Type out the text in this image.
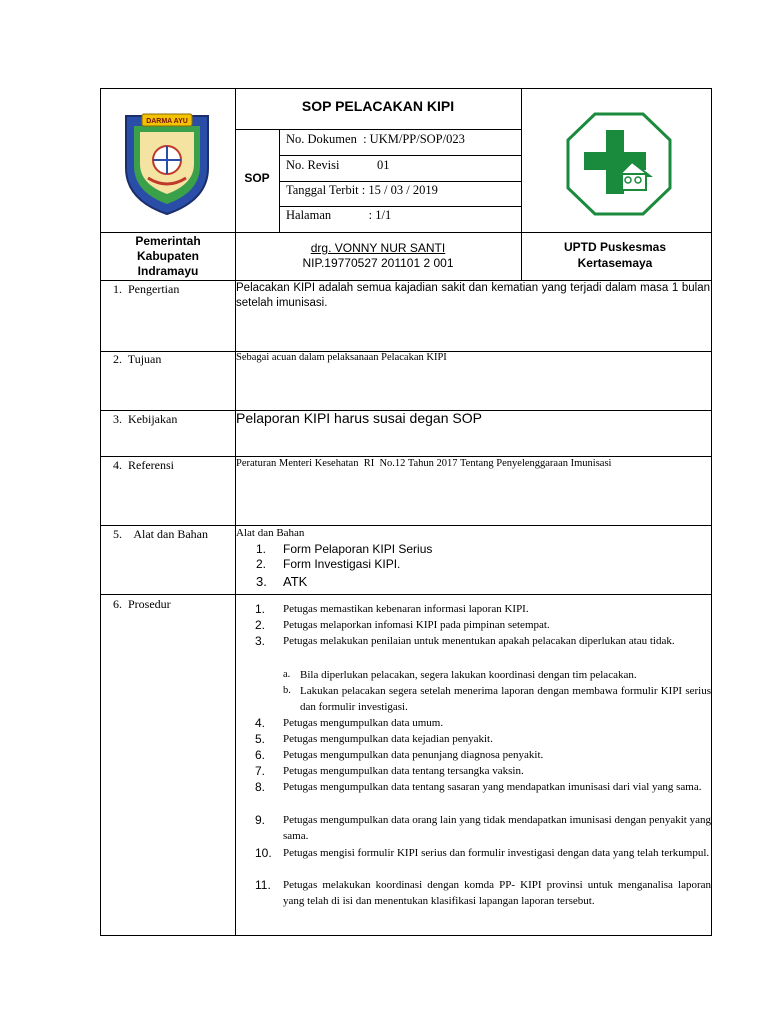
DARMA AYU
SOP PELACAKAN KIPI
SOP
No. Dokumen  : UKM/PP/SOP/023
No. Revisi            01
Tanggal Terbit : 15 / 03 / 2019
Halaman            : 1/1
Pemerintah Kabupaten Indramayu
drg. VONNY NUR SANTI
NIP.19770527 201101 2 001
UPTD Puskesmas Kertasemaya
1.  Pengertian	Pelacakan KIPI adalah semua kajadian sakit dan kematian yang terjadi dalam masa 1 bulan setelah imunisasi.
2.  Tujuan	Sebagai acuan dalam pelaksanaan Pelacakan KIPI
3.  Kebijakan	Pelaporan KIPI harus susai degan SOP
4.  Referensi	Peraturan Menteri Kesehatan  RI  No.12 Tahun 2017 Tentang Penyelenggaraan Imunisasi
5.    Alat dan Bahan	Alat dan Bahan
1. Form Pelaporan KIPI Serius
2. Form Investigasi KIPI.
3. ATK
6.  Prosedur	1.	Petugas memastikan kebenaran informasi laporan KIPI.
2.	Petugas melaporkan infomasi KIPI pada pimpinan setempat.
3.	Petugas melakukan penilaian untuk menentukan apakah pelacakan diperlukan atau tidak.
a. Bila diperlukan pelacakan, segera lakukan koordinasi dengan tim pelacakan.
b. Lakukan pelacakan segera setelah menerima laporan dengan membawa formulir KIPI serius dan formulir investigasi.
4.	Petugas mengumpulkan data umum.
5.	Petugas mengumpulkan data kejadian penyakit.
6.	Petugas mengumpulkan data penunjang diagnosa penyakit.
7.	Petugas mengumpulkan data tentang tersangka vaksin.
8.	Petugas mengumpulkan data tentang sasaran yang mendapatkan imunisasi dari vial yang sama.
9.	Petugas mengumpulkan data orang lain yang tidak mendapatkan imunisasi dengan penyakit yang sama.
10.	Petugas mengisi formulir KIPI serius dan formulir investigasi dengan data yang telah terkumpul.
11.	Petugas melakukan koordinasi dengan komda PP- KIPI provinsi untuk menganalisa laporan yang telah di isi dan menentukan klasifikasi lapangan laporan tersebut.
